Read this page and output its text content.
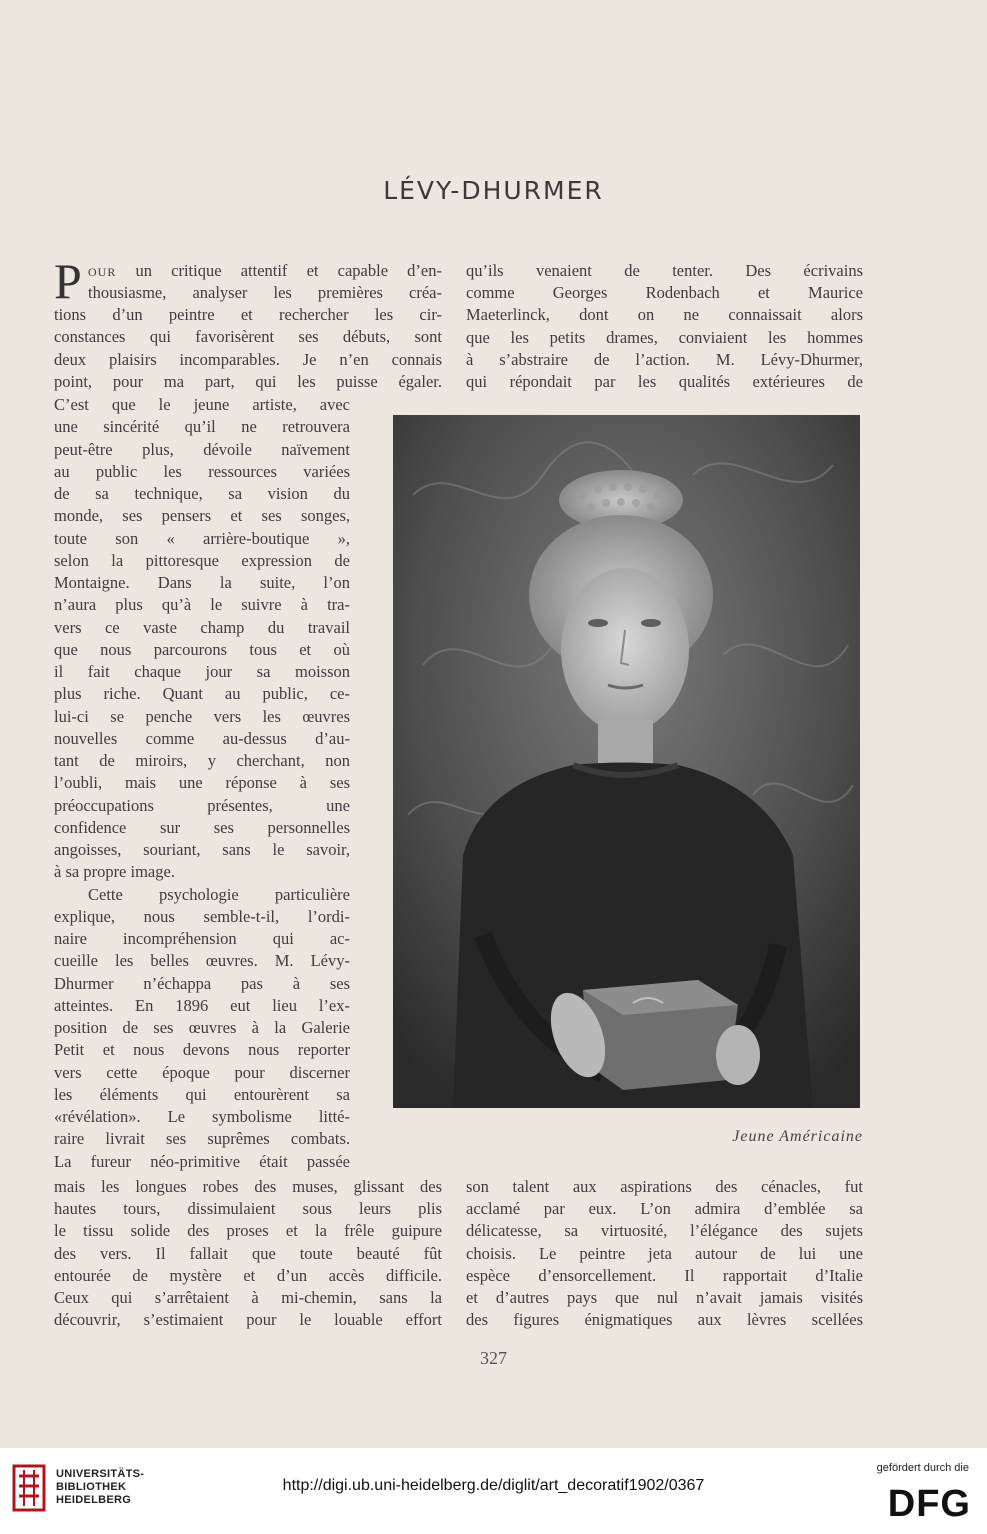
LÉVY-DHURMER
P our un critique attentif et capable d’en-
thousiasme, analyser les premières créa-
tions d’un peintre et rechercher les cir-
constances qui favorisèrent ses débuts, sont
deux plaisirs incomparables. Je n’en connais
point, pour ma part, qui les puisse égaler.
C’est que le jeune artiste, avec
une sincérité qu’il ne retrouvera
peut-être plus, dévoile naïvement
au public les ressources variées
de sa technique, sa vision du
monde, ses pensers et ses songes,
toute son « arrière-boutique »,
selon la pittoresque expression de
Montaigne. Dans la suite, l’on
n’aura plus qu’à le suivre à tra-
vers ce vaste champ du travail
que nous parcourons tous et où
il fait chaque jour sa moisson
plus riche. Quant au public, ce-
lui-ci se penche vers les œuvres
nouvelles comme au-dessus d’au-
tant de miroirs, y cherchant, non
l’oubli, mais une réponse à ses
préoccupations présentes, une
confidence sur ses personnelles
angoisses, souriant, sans le savoir,
à sa propre image.
Cette psychologie particulière
explique, nous semble-t-il, l’ordi-
naire incompréhension qui ac-
cueille les belles œuvres. M. Lévy-
Dhurmer n’échappa pas à ses
atteintes. En 1896 eut lieu l’ex-
position de ses œuvres à la Galerie
Petit et nous devons nous reporter
vers cette époque pour discerner
les éléments qui entourèrent sa
«révélation». Le symbolisme litté-
raire livrait ses suprêmes combats.
La fureur néo-primitive était passée
mais les longues robes des muses, glissant des
hautes tours, dissimulaient sous leurs plis
le tissu solide des proses et la frêle guipure
des vers. Il fallait que toute beauté fût
entourée de mystère et d’un accès difficile.
Ceux qui s’arrêtaient à mi-chemin, sans la
découvrir, s’estimaient pour le louable effort
qu’ils venaient de tenter. Des écrivains
comme Georges Rodenbach et Maurice
Maeterlinck, dont on ne connaissait alors
que les petits drames, conviaient les hommes
à s’abstraire de l’action. M. Lévy-Dhurmer,
qui répondait par les qualités extérieures de
son talent aux aspirations des cénacles, fut
acclamé par eux. L’on admira d’emblée sa
délicatesse, sa virtuosité, l’élégance des sujets
choisis. Le peintre jeta autour de lui une
espèce d’ensorcellement. Il rapportait d’Italie
et d’autres pays que nul n’avait jamais visités
des figures énigmatiques aux lèvres scellées
Jeune Américaine
327
UNIVERSITÄTS-
BIBLIOTHEK
HEIDELBERG
http://digi.ub.uni-heidelberg.de/diglit/art_decoratif1902/0367
gefördert durch die
DFG
